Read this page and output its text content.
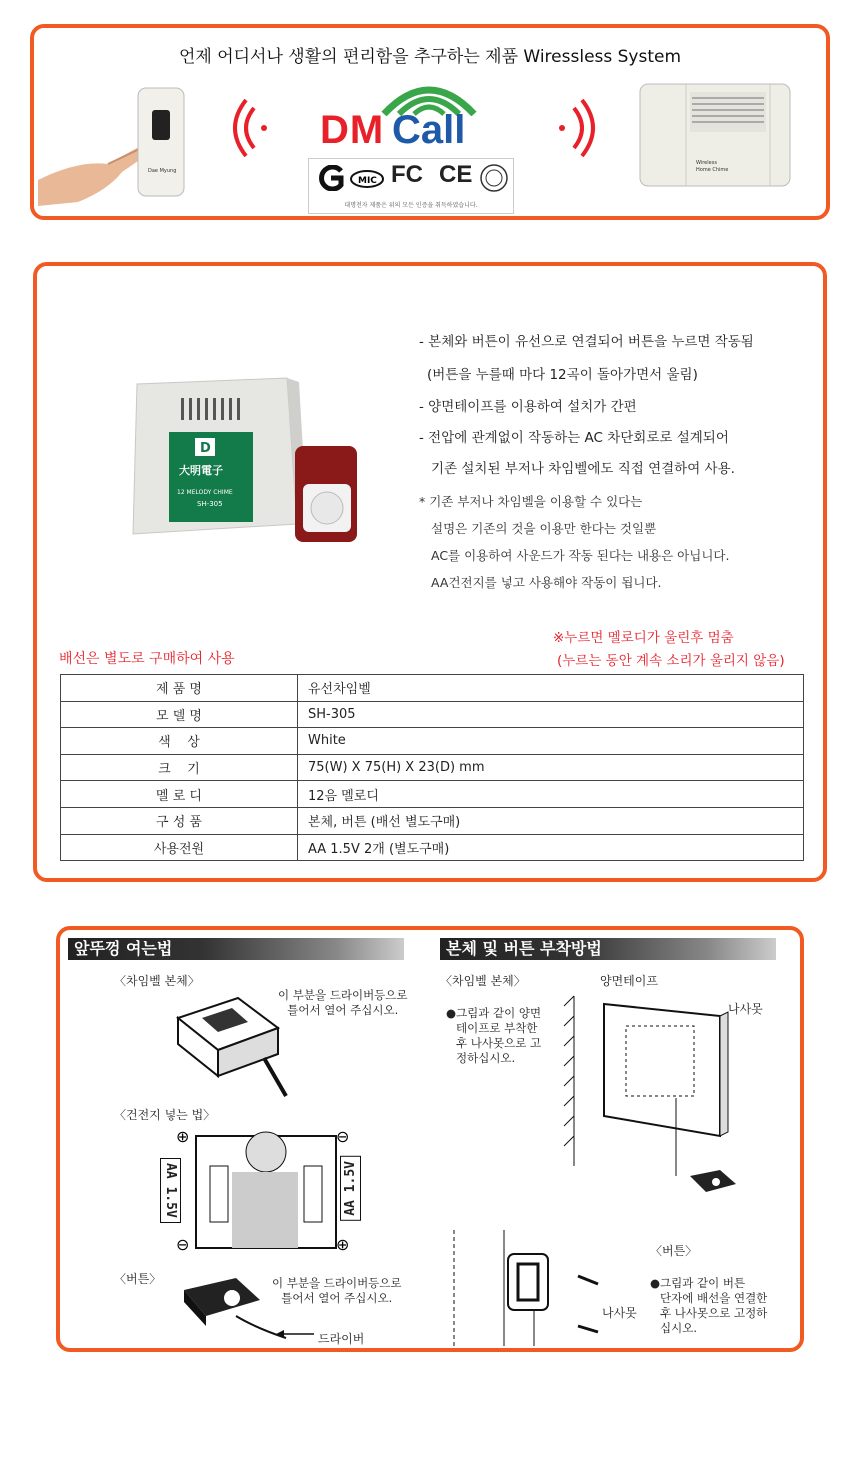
언제 어디서나 생활의 편리함을 추구하는 제품 Wiressless System
Dae Myung
DM Call
MIC FC CE
대명전자 제품은 위의 모든 인증을 취득하였습니다.
Wireless
Home Chime
D
大明電子
12 MELODY CHIME
SH-305
- 본체와 버튼이 유선으로 연결되어 버튼을 누르면 작동됨
(버튼을 누를때 마다 12곡이 돌아가면서 울림)
- 양면테이프를 이용하여 설치가 간편
- 전압에 관계없이 작동하는 AC 차단회로로 설계되어
기존 설치된 부저나 차임벨에도 직접 연결하여 사용.
* 기존 부저나 차임벨을 이용할 수 있다는
설명은 기존의 것을 이용만 한다는 것일뿐
AC를 이용하여 사운드가 작동 된다는 내용은 아닙니다.
AA건전지를 넣고 사용해야 작동이 됩니다.
※누르면 멜로디가 울린후 멈춤
(누르는 동안 계속 소리가 울리지 않음)
배선은 별도로 구매하여 사용
제 품 명	유선차임벨
모 델 명	SH-305
색    상	White
크    기	75(W) X 75(H) X 23(D) mm
멜 로 디	12음 멜로디
구 성 품	본체, 버튼 (배선 별도구매)
사용전원	AA 1.5V 2개 (별도구매)
앞뚜껑 여는법	본체 및 버튼 부착방법
〈차임벨 본체〉
이 부분을 드라이버등으로
틀어서 열어 주십시오.
〈건전지 넣는 법〉
⊕
⊖
⊖
⊕
AA 1.5V	AA 1.5V
〈버튼〉	이 부분을 드라이버등으로
틀어서 열어 주십시오.
드라이버
〈차임벨 본체〉	양면테이프
나사못
●그림과 같이 양면
테이프로 부착한
후 나사못으로 고
정하십시오.
나사못
〈버튼〉
●그림과 같이 버튼
단자에 배선을 연결한
후 나사못으로 고정하
십시오.
